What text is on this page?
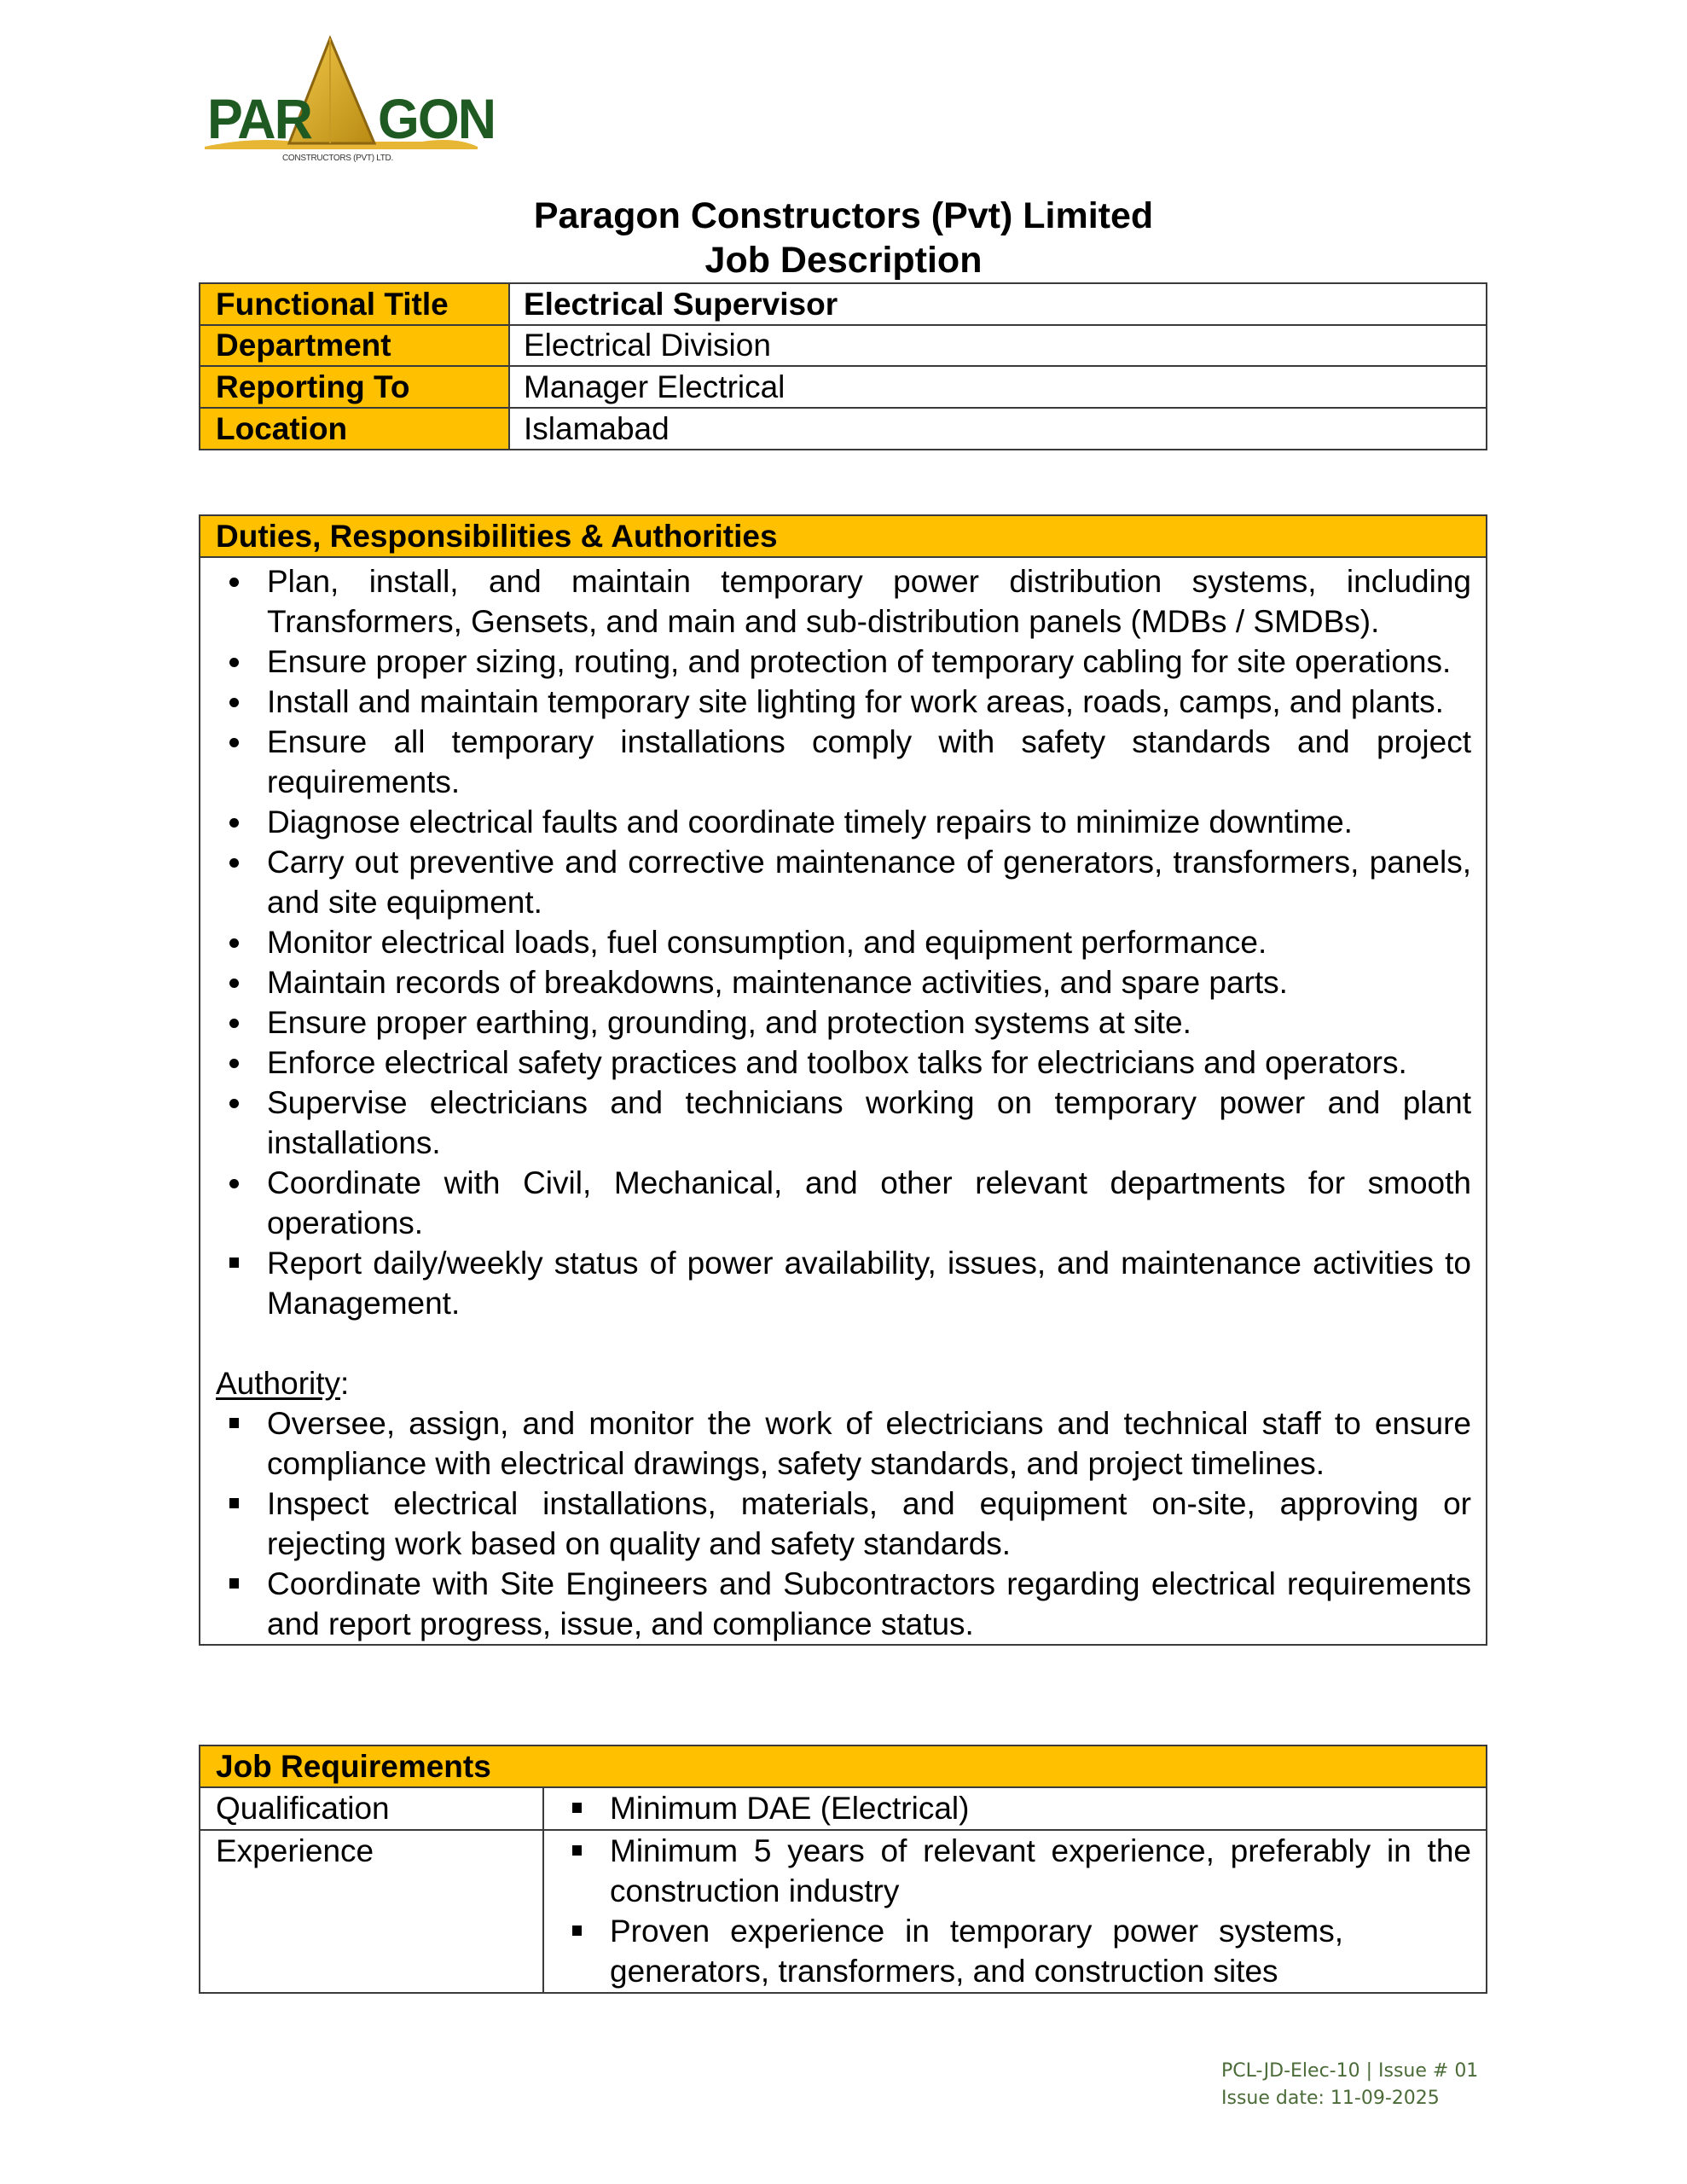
PAR GON
CONSTRUCTORS (PVT) LTD.
Paragon Constructors (Pvt) Limited
Job Description
Functional Title	Electrical Supervisor
Department	Electrical Division
Reporting To	Manager Electrical
Location	Islamabad
Duties, Responsibilities & Authorities
Plan, install, and maintain temporary power distribution systems, including Transformers, Gensets, and main and sub-distribution panels (MDBs / SMDBs).
Ensure proper sizing, routing, and protection of temporary cabling for site operations.
Install and maintain temporary site lighting for work areas, roads, camps, and plants.
Ensure all temporary installations comply with safety standards and project requirements.
Diagnose electrical faults and coordinate timely repairs to minimize downtime.
Carry out preventive and corrective maintenance of generators, transformers, panels, and site equipment.
Monitor electrical loads, fuel consumption, and equipment performance.
Maintain records of breakdowns, maintenance activities, and spare parts.
Ensure proper earthing, grounding, and protection systems at site.
Enforce electrical safety practices and toolbox talks for electricians and operators.
Supervise electricians and technicians working on temporary power and plant installations.
Coordinate with Civil, Mechanical, and other relevant departments for smooth operations.
Report daily/weekly status of power availability, issues, and maintenance activities to Management.
Authority:
Oversee, assign, and monitor the work of electricians and technical staff to ensure compliance with electrical drawings, safety standards, and project timelines.
Inspect electrical installations, materials, and equipment on-site, approving or rejecting work based on quality and safety standards.
Coordinate with Site Engineers and Subcontractors regarding electrical requirements and report progress, issue, and compliance status.
Job Requirements
Qualification	Minimum DAE (Electrical)
Experience	Minimum 5 years of relevant experience, preferably in the construction industry
Proven experience in temporary power systems, generators, transformers, and construction sites
PCL-JD-Elec-10 | Issue # 01
Issue date: 11-09-2025
